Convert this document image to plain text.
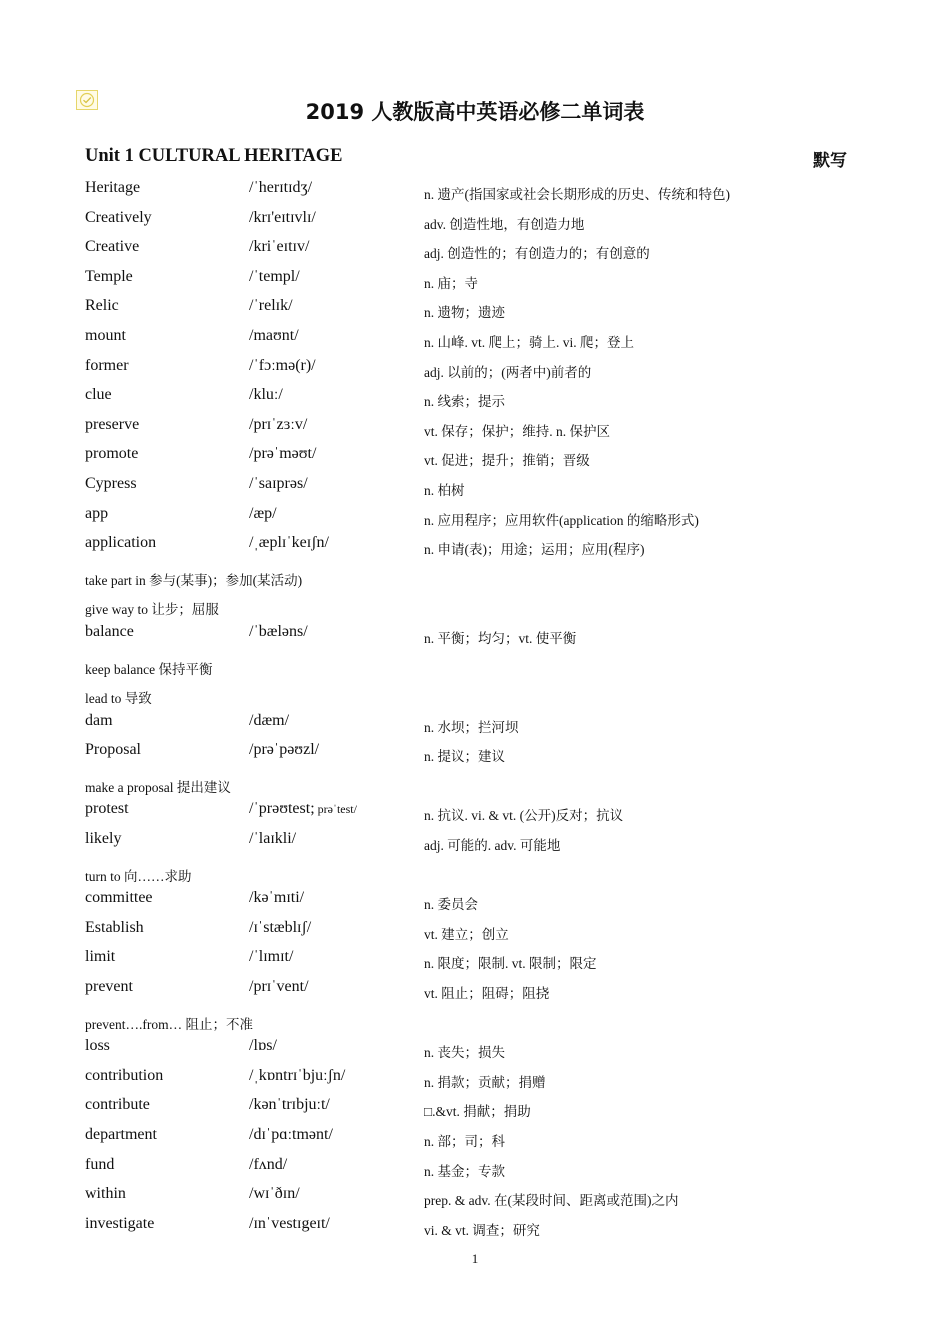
2019 人教版高中英语必修二单词表
Unit 1 CULTURAL HERITAGE	默写
Heritage	/ˈherɪtɪdʒ/	n. 遗产(指国家或社会长期形成的历史、传统和特色)
Creatively	/krɪ'eɪtɪvlɪ/	adv. 创造性地，有创造力地
Creative	/kriˈeɪtɪv/	adj. 创造性的；有创造力的；有创意的
Temple	/ˈtempl/	n. 庙；寺
Relic	/ˈrelɪk/	n. 遗物；遗迹
mount	/maʊnt/	n. 山峰. vt. 爬上；骑上. vi. 爬；登上
former	/ˈfɔːmə(r)/	adj. 以前的；(两者中)前者的
clue	/kluː/	n. 线索；提示
preserve	/prɪˈzɜːv/	vt. 保存；保护；维持. n. 保护区
promote	/prəˈməʊt/	vt. 促进；提升；推销；晋级
Cypress	/ˈsaɪprəs/	n. 柏树
app	/æp/	n. 应用程序；应用软件(application 的缩略形式)
application	/ˌæplɪˈkeɪʃn/	n. 申请(表)；用途；运用；应用(程序)
take part in 参与(某事)；参加(某活动)
give way to 让步；屈服
balance	/ˈbæləns/	n. 平衡；均匀；vt. 使平衡
keep balance 保持平衡
lead to 导致
dam	/dæm/	n. 水坝；拦河坝
Proposal	/prəˈpəʊzl/	n. 提议；建议
make a proposal 提出建议
protest	/ˈprəʊtest; prəˈtest/	n. 抗议. vi. & vt. (公开)反对；抗议
likely	/ˈlaɪkli/	adj. 可能的. adv. 可能地
turn to 向……求助
committee	/kəˈmɪti/	n. 委员会
Establish	/ɪˈstæblɪʃ/	vt. 建立；创立
limit	/ˈlɪmɪt/	n. 限度；限制. vt. 限制；限定
prevent	/prɪˈvent/	vt. 阻止；阻碍；阻挠
prevent….from… 阻止；不准
loss	/lɒs/	n. 丧失；损失
contribution	/ˌkɒntrɪˈbjuːʃn/	n. 捐款；贡献；捐赠
contribute	/kənˈtrɪbjuːt/	□.&vt. 捐献；捐助
department	/dɪˈpɑːtmənt/	n. 部；司；科
fund	/fʌnd/	n. 基金；专款
within	/wɪˈðɪn/	prep. & adv. 在(某段时间、距离或范围)之内
investigate	/ɪnˈvestɪgeɪt/	vi. & vt. 调查；研究
1
